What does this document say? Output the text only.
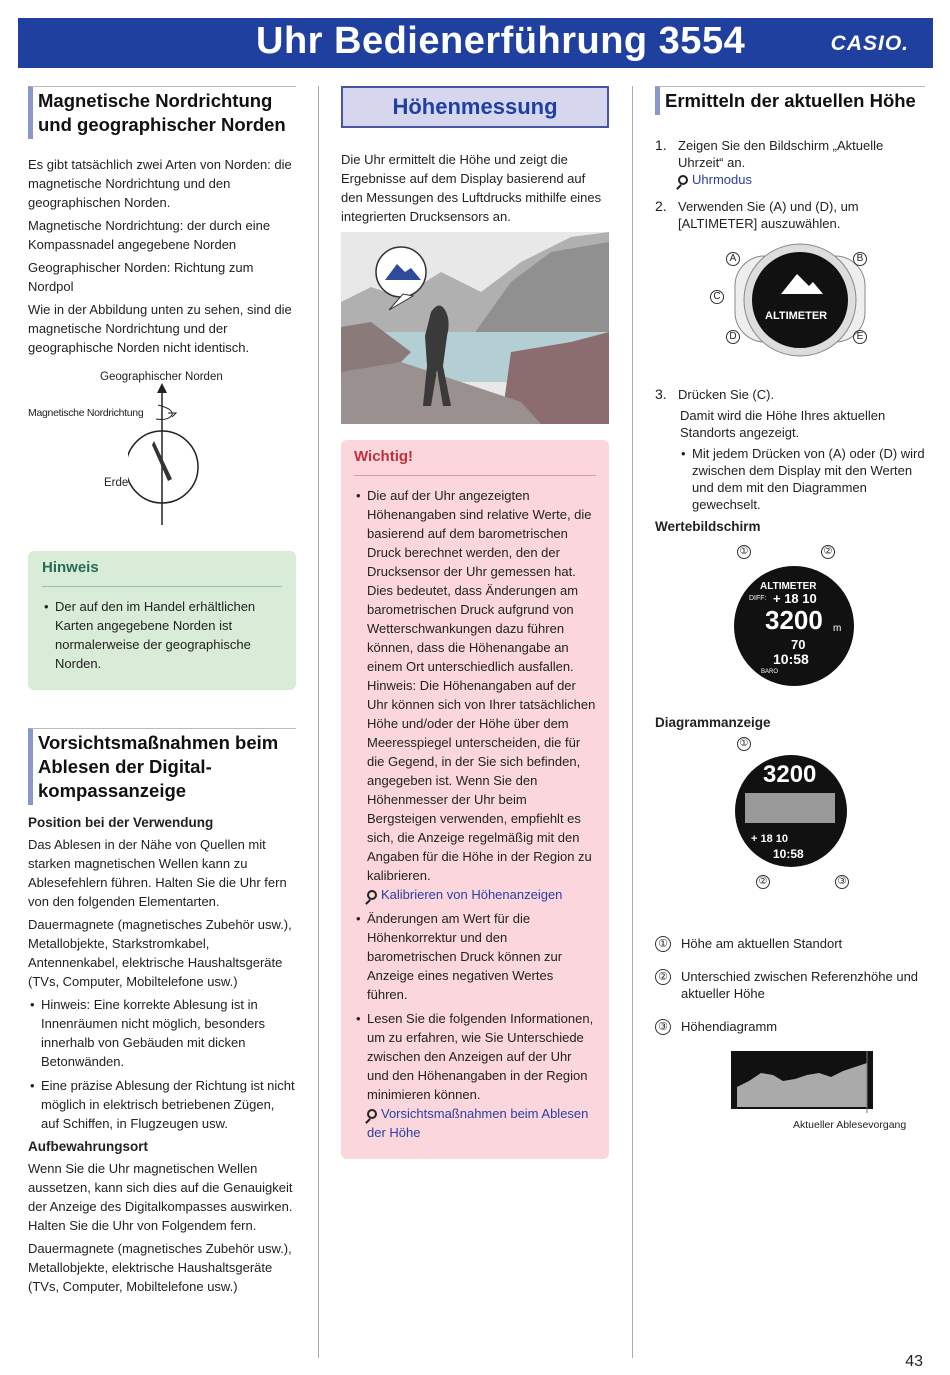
Uhr Bedienerführung 3554	CASIO.
Magnetische Nordrichtung und geographischer Norden

Es gibt tatsächlich zwei Arten von Norden: die magnetische Nordrichtung und den geographischen Norden.

Magnetische Nordrichtung: der durch eine Kompassnadel angegebene Norden

Geographischer Norden: Richtung zum Nordpol

Wie in der Abbildung unten zu sehen, sind die magnetische Nordrichtung und der geographische Norden nicht identisch.

Geographischer Norden
Magnetische Nordrichtung
Erde
Hinweis
• Der auf den im Handel erhältlichen Karten angegebene Norden ist normalerweise der geographische Norden.
Vorsichtsmaßnahmen beim Ablesen der Digital-kompassanzeige
Position bei der Verwendung

Das Ablesen in der Nähe von Quellen mit starken magnetischen Wellen kann zu Ablesefehlern führen. Halten Sie die Uhr fern von den folgenden Elementarten.

Dauermagnete (magnetisches Zubehör usw.), Metallobjekte, Starkstromkabel, Antennenkabel, elektrische Haushaltsgeräte (TVs, Computer, Mobiltelefone usw.)

• Hinweis: Eine korrekte Ablesung ist in Innenräumen nicht möglich, besonders innerhalb von Gebäuden mit dicken Betonwänden.
• Eine präzise Ablesung der Richtung ist nicht möglich in elektrisch betriebenen Zügen, auf Schiffen, in Flugzeugen usw.
Aufbewahrungsort

Wenn Sie die Uhr magnetischen Wellen aussetzen, kann sich dies auf die Genauigkeit der Anzeige des Digitalkompasses auswirken. Halten Sie die Uhr von Folgendem fern.

Dauermagnete (magnetisches Zubehör usw.), Metallobjekte, elektrische Haushaltsgeräte (TVs, Computer, Mobiltelefone usw.)

Höhenmessung

Die Uhr ermittelt die Höhe und zeigt die Ergebnisse auf dem Display basierend auf den Messungen des Luftdrucks mithilfe eines integrierten Drucksensors an.

Wichtig!
• Die auf der Uhr angezeigten Höhenangaben sind relative Werte, die basierend auf dem barometrischen Druck berechnet werden, den der Drucksensor der Uhr gemessen hat. Dies bedeutet, dass Änderungen am barometrischen Druck aufgrund von Wetterschwankungen dazu führen können, dass die Höhenangabe an einem Ort unterschiedlich ausfallen. Hinweis: Die Höhenangaben auf der Uhr können sich von Ihrer tatsächlichen Höhe und/oder der Höhe über dem Meeresspiegel unterscheiden, die für die Gegend, in der Sie sich befinden, angegeben ist. Wenn Sie den Höhenmesser der Uhr beim Bergsteigen verwenden, empfiehlt es sich, die Anzeige regelmäßig mit den Angaben für die Höhe in der Region zu kalibrieren.
Kalibrieren von Höhenanzeigen
• Änderungen am Wert für die Höhenkorrektur und den barometrischen Druck können zur Anzeige eines negativen Wertes führen.
• Lesen Sie die folgenden Informationen, um zu erfahren, wie Sie Unterschiede zwischen den Anzeigen auf der Uhr und den Höhenangaben in der Region minimieren können.
Vorsichtsmaßnahmen beim Ablesen der Höhe
Ermitteln der aktuellen Höhe
1. Zeigen Sie den Bildschirm „Aktuelle Uhrzeit“ an.
Uhrmodus
2. Verwenden Sie (A) und (D), um [ALTIMETER] auszuwählen.
ALTIMETER
A	B
C
D	E
3. Drücken Sie (C).

Damit wird die Höhe Ihres aktuellen Standorts angezeigt.

• Mit jedem Drücken von (A) oder (D) wird zwischen dem Display mit den Werten und dem mit den Diagrammen gewechselt.
Wertebildschirm
①	②
ALTIMETER
DIFF: + 18 10
3200 m
70
10:58
BARO
Diagrammanzeige
①
②	③
3200
+ 18 10
10:58
① Höhe am aktuellen Standort
② Unterschied zwischen Referenzhöhe und aktueller Höhe
③ Höhendiagramm
Aktueller Ablesevorgang
43
